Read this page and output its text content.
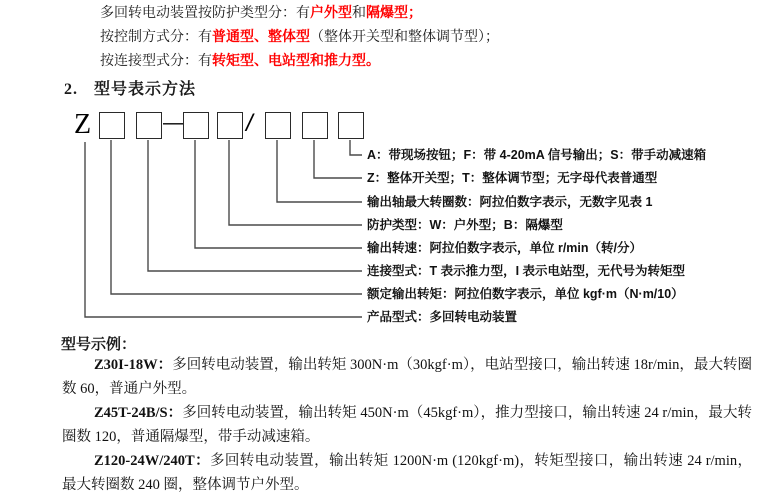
多回转电动装置按防护类型分：有户外型和隔爆型；
按控制方式分：有普通型、整体型（整体开关型和整体调节型）；
按连接型式分：有转矩型、电站型和推力型。
2. 型号表示方法
Z	—	/
A：带现场按钮；F：带 4-20mA 信号输出；S：带手动减速箱
Z：整体开关型；T：整体调节型；无字母代表普通型
输出轴最大转圈数：阿拉伯数字表示，无数字见表 1
防护类型：W：户外型；B：隔爆型
输出转速：阿拉伯数字表示，单位 r/min（转/分）
连接型式：T 表示推力型，I 表示电站型，无代号为转矩型
额定输出转矩：阿拉伯数字表示，单位 kgf·m（N·m/10）
产品型式：多回转电动装置
型号示例：
Z30I-18W：多回转电动装置，输出转矩 300N·m（30kgf·m），电站型接口，输出转速 18r/min，最大转圈数 60，普通户外型。
Z45T-24B/S：多回转电动装置，输出转矩 450N·m（45kgf·m），推力型接口，输出转速 24 r/min，最大转圈数 120，普通隔爆型，带手动减速箱。
Z120-24W/240T：多回转电动装置，输出转矩 1200N·m (120kgf·m)，转矩型接口，输出转速 24 r/min，最大转圈数 240 圈，整体调节户外型。
